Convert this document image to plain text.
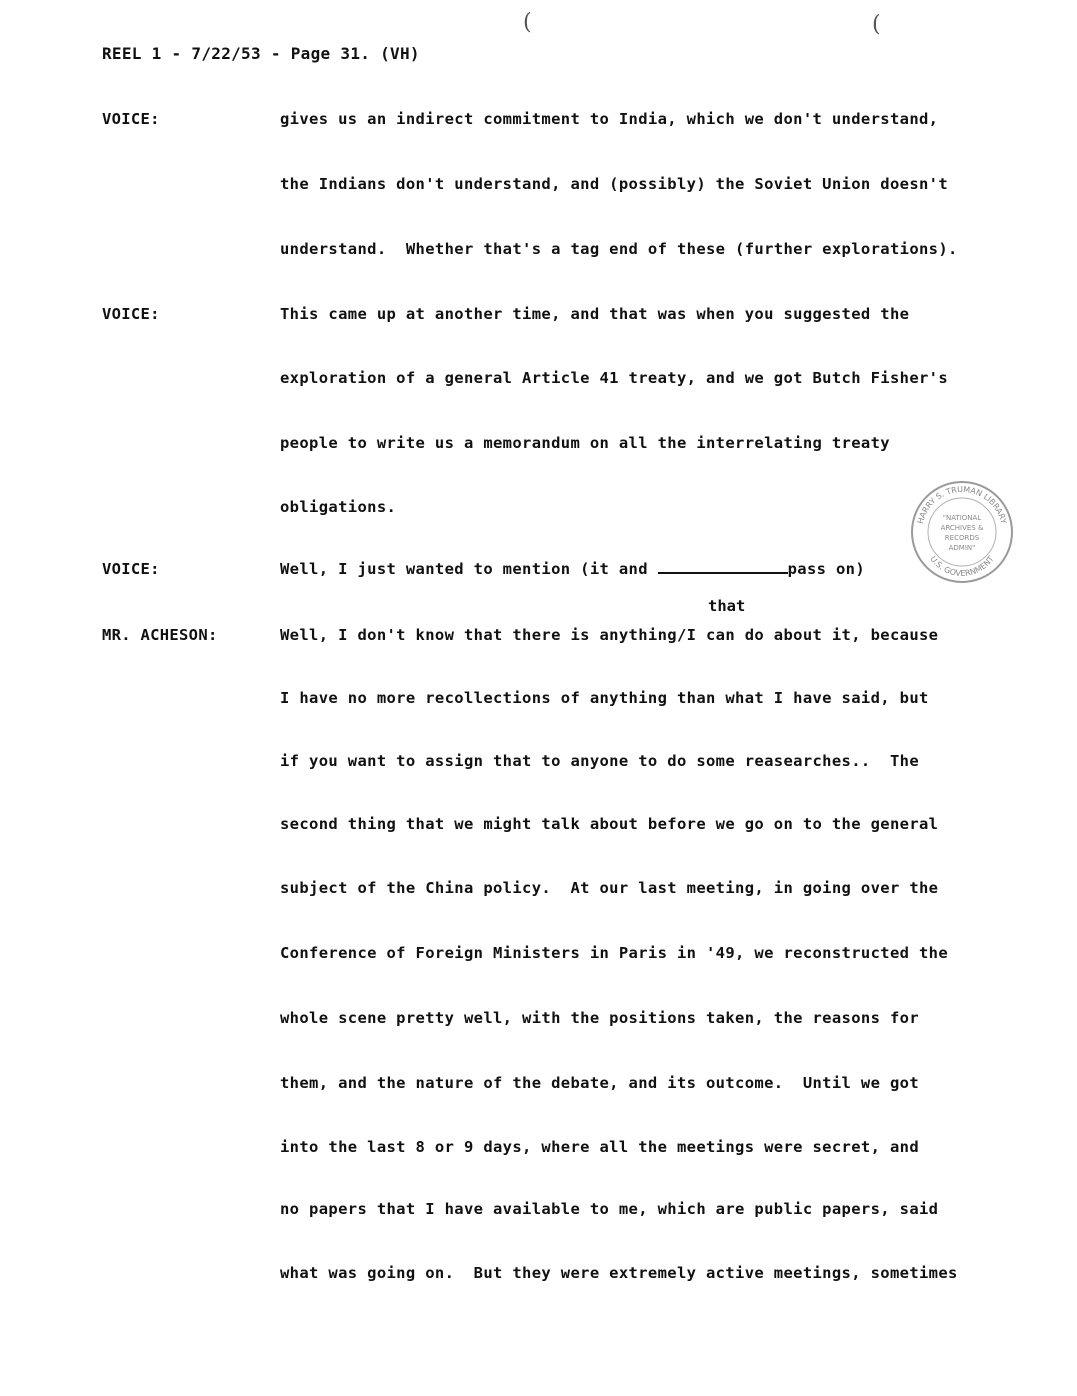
(	(
REEL 1 - 7/22/53 - Page 31. (VH)
VOICE:	gives us an indirect commitment to India, which we don't understand,
the Indians don't understand, and (possibly) the Soviet Union doesn't
understand.  Whether that's a tag end of these (further explorations).
VOICE:	This came up at another time, and that was when you suggested the
exploration of a general Article 41 treaty, and we got Butch Fisher's
people to write us a memorandum on all the interrelating treaty
obligations.
VOICE:	Well, I just wanted to mention (it and	pass on)
that
MR. ACHESON:	Well, I don't know that there is anything/I can do about it, because
I have no more recollections of anything than what I have said, but
if you want to assign that to anyone to do some reasearches..  The
second thing that we might talk about before we go on to the general
subject of the China policy.  At our last meeting, in going over the
Conference of Foreign Ministers in Paris in '49, we reconstructed the
whole scene pretty well, with the positions taken, the reasons for
them, and the nature of the debate, and its outcome.  Until we got
into the last 8 or 9 days, where all the meetings were secret, and
no papers that I have available to me, which are public papers, said
what was going on.  But they were extremely active meetings, sometimes
HARRY S. TRUMAN LIBRARY
U.S. GOVERNMENT
"NATIONAL
ARCHIVES &
RECORDS
ADMIN"
